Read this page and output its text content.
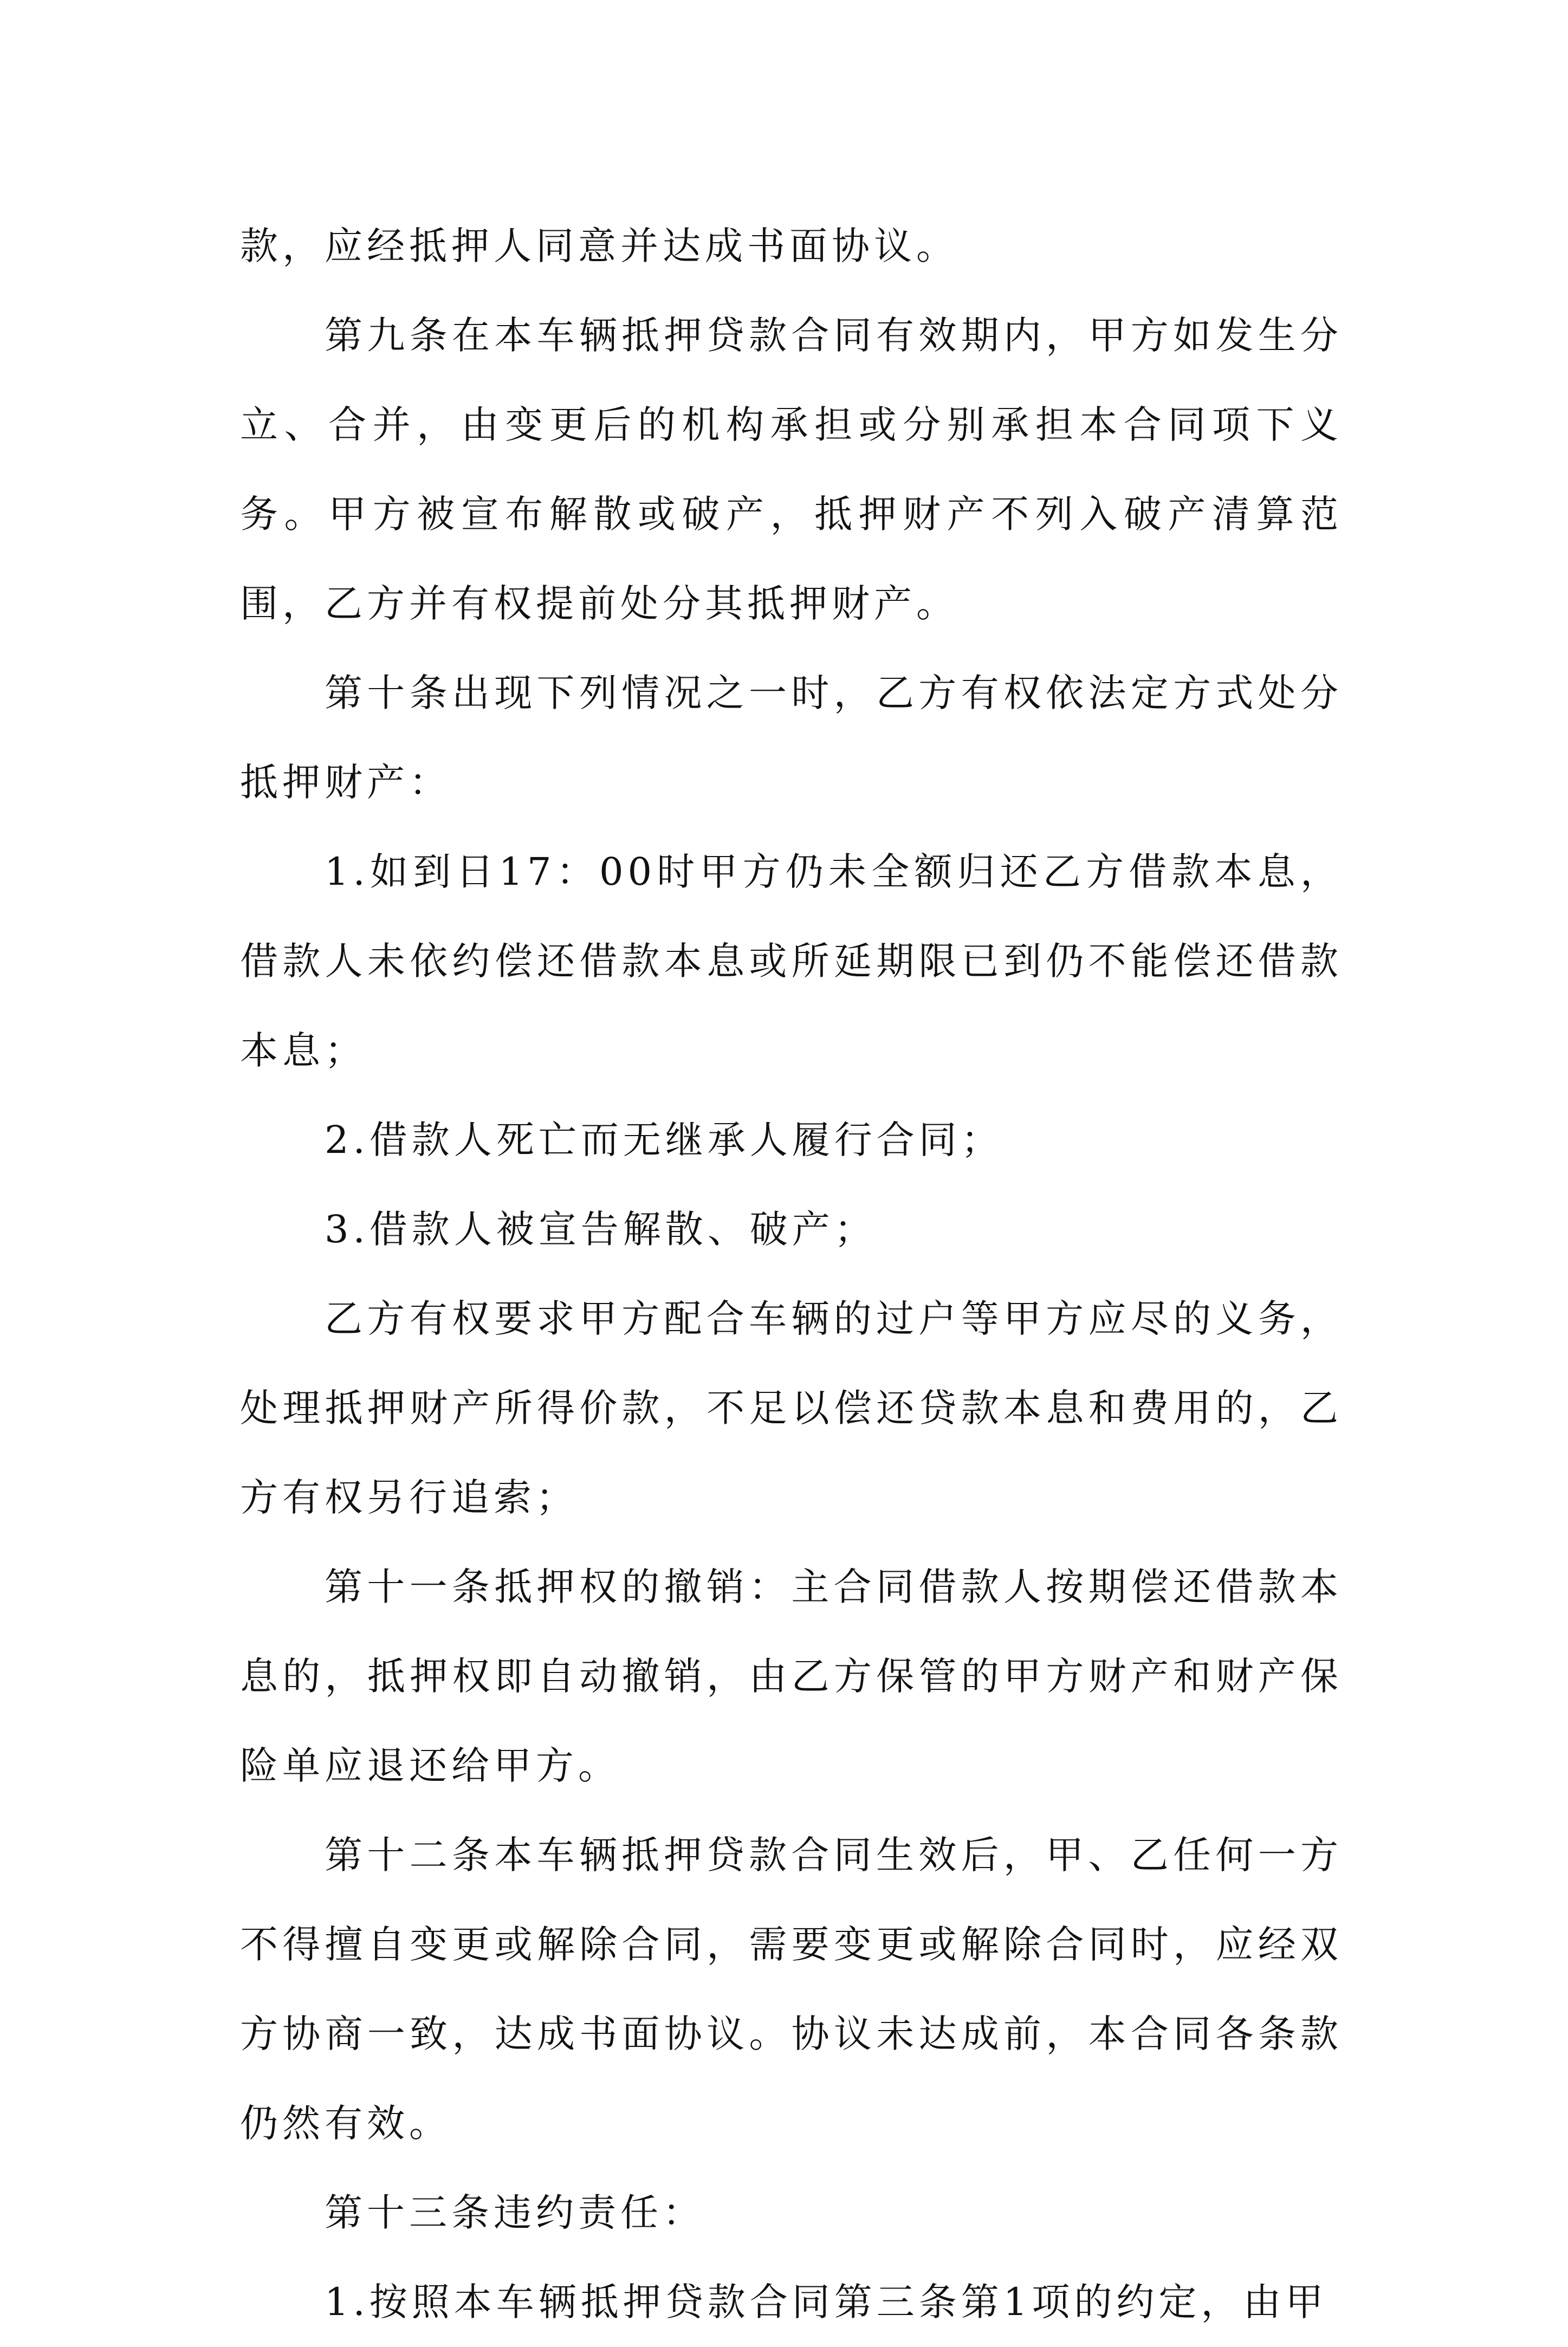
款，应经抵押人同意并达成书面协议。

第九条在本车辆抵押贷款合同有效期内，甲方如发生分立、合并，由变更后的机构承担或分别承担本合同项下义务。甲方被宣布解散或破产，抵押财产不列入破产清算范围，乙方并有权提前处分其抵押财产。

第十条出现下列情况之一时，乙方有权依法定方式处分抵押财产：

1.如到日17：00时甲方仍未全额归还乙方借款本息，借款人未依约偿还借款本息或所延期限已到仍不能偿还借款本息；

2.借款人死亡而无继承人履行合同；

3.借款人被宣告解散、破产；

乙方有权要求甲方配合车辆的过户等甲方应尽的义务，处理抵押财产所得价款，不足以偿还贷款本息和费用的，乙方有权另行追索；

第十一条抵押权的撤销：主合同借款人按期偿还借款本息的，抵押权即自动撤销，由乙方保管的甲方财产和财产保险单应退还给甲方。

第十二条本车辆抵押贷款合同生效后，甲、乙任何一方不得擅自变更或解除合同，需要变更或解除合同时，应经双方协商一致，达成书面协议。协议未达成前，本合同各条款仍然有效。

第十三条违约责任：

1.按照本车辆抵押贷款合同第三条第1项的约定，由甲
